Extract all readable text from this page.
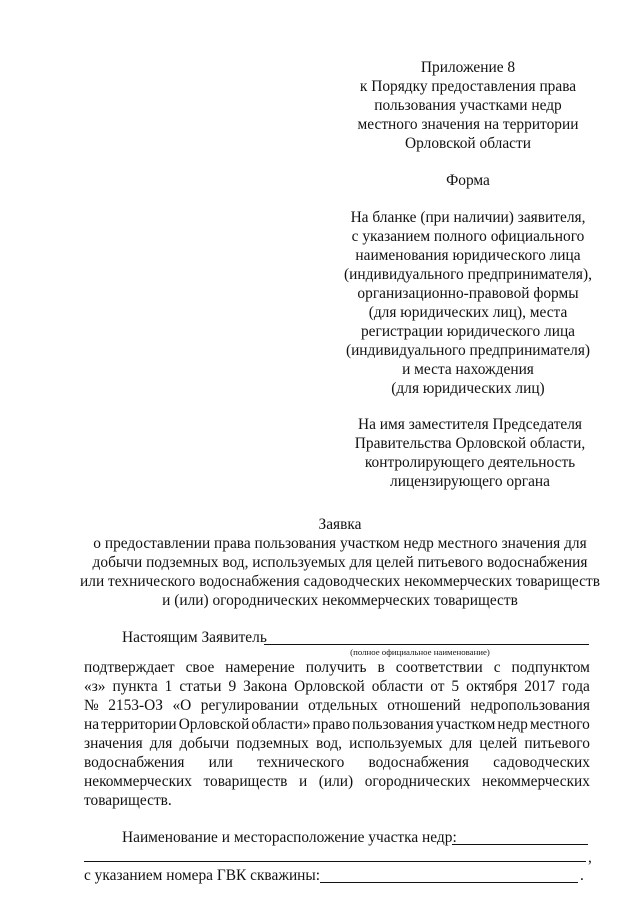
Приложение 8
к Порядку предоставления права
пользования участками недр
местного значения на территории
Орловской области
Форма
На бланке (при наличии) заявителя,
с указанием полного официального
наименования юридического лица
(индивидуального предпринимателя),
организационно-правовой формы
(для юридических лиц), места
регистрации юридического лица
(индивидуального предпринимателя)
и места нахождения
(для юридических лиц)
На имя заместителя Председателя
Правительства Орловской области,
контролирующего деятельность
лицензирующего органа
Заявка
о предоставлении права пользования участком недр местного значения для
добычи подземных вод, используемых для целей питьевого водоснабжения
или технического водоснабжения садоводческих некоммерческих товариществ
и (или) огороднических некоммерческих товариществ
Настоящим Заявитель
(полное официальное наименование)
подтверждает свое намерение получить в соответствии с подпунктом
«з» пункта 1 статьи 9 Закона Орловской области от 5 октября 2017 года
№ 2153-ОЗ «О регулировании отдельных отношений недропользования
на территории Орловской области» право пользования участком недр местного
значения для добычи подземных вод, используемых для целей питьевого
водоснабжения или технического водоснабжения садоводческих
некоммерческих товариществ и (или) огороднических некоммерческих
товариществ.
Наименование и месторасположение участка недр:
,
с указанием номера ГВК скважины:	.
